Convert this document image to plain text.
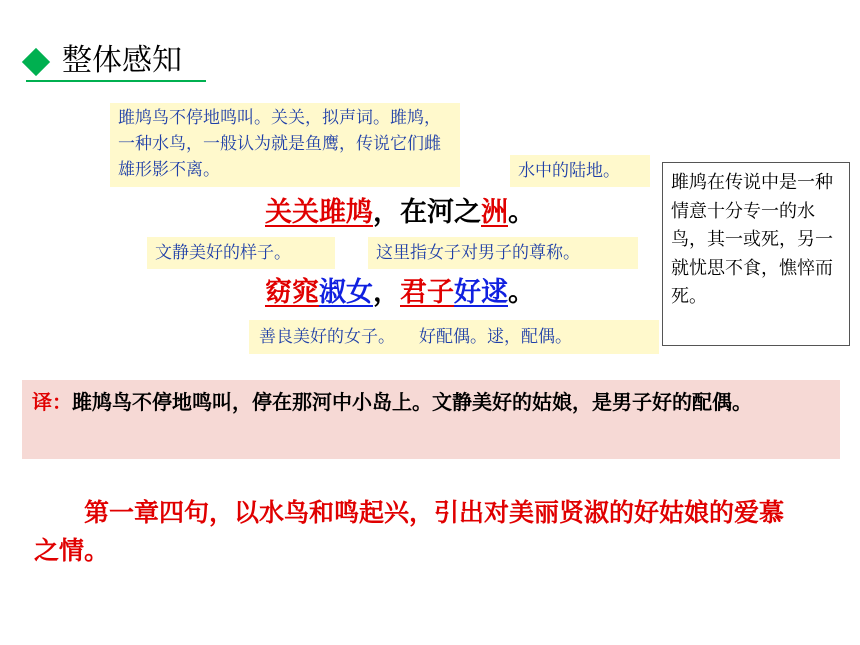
整体感知
雎鸠鸟不停地鸣叫。关关，拟声词。雎鸠，一种水鸟，一般认为就是鱼鹰，传说它们雌雄形影不离。	水中的陆地。
文静美好的样子。	这里指女子对男子的尊称。
善良美好的女子。 好配偶。逑，配偶。
关关雎鸠，在河之洲。
窈窕淑女，君子好逑。
雎鸠在传说中是一种情意十分专一的水鸟，其一或死，另一就忧思不食，憔悴而死。
译：雎鸠鸟不停地鸣叫，停在那河中小岛上。文静美好的姑娘，是男子好的配偶。
　　第一章四句，以水鸟和鸣起兴，引出对美丽贤淑的好姑娘的爱慕之情。
